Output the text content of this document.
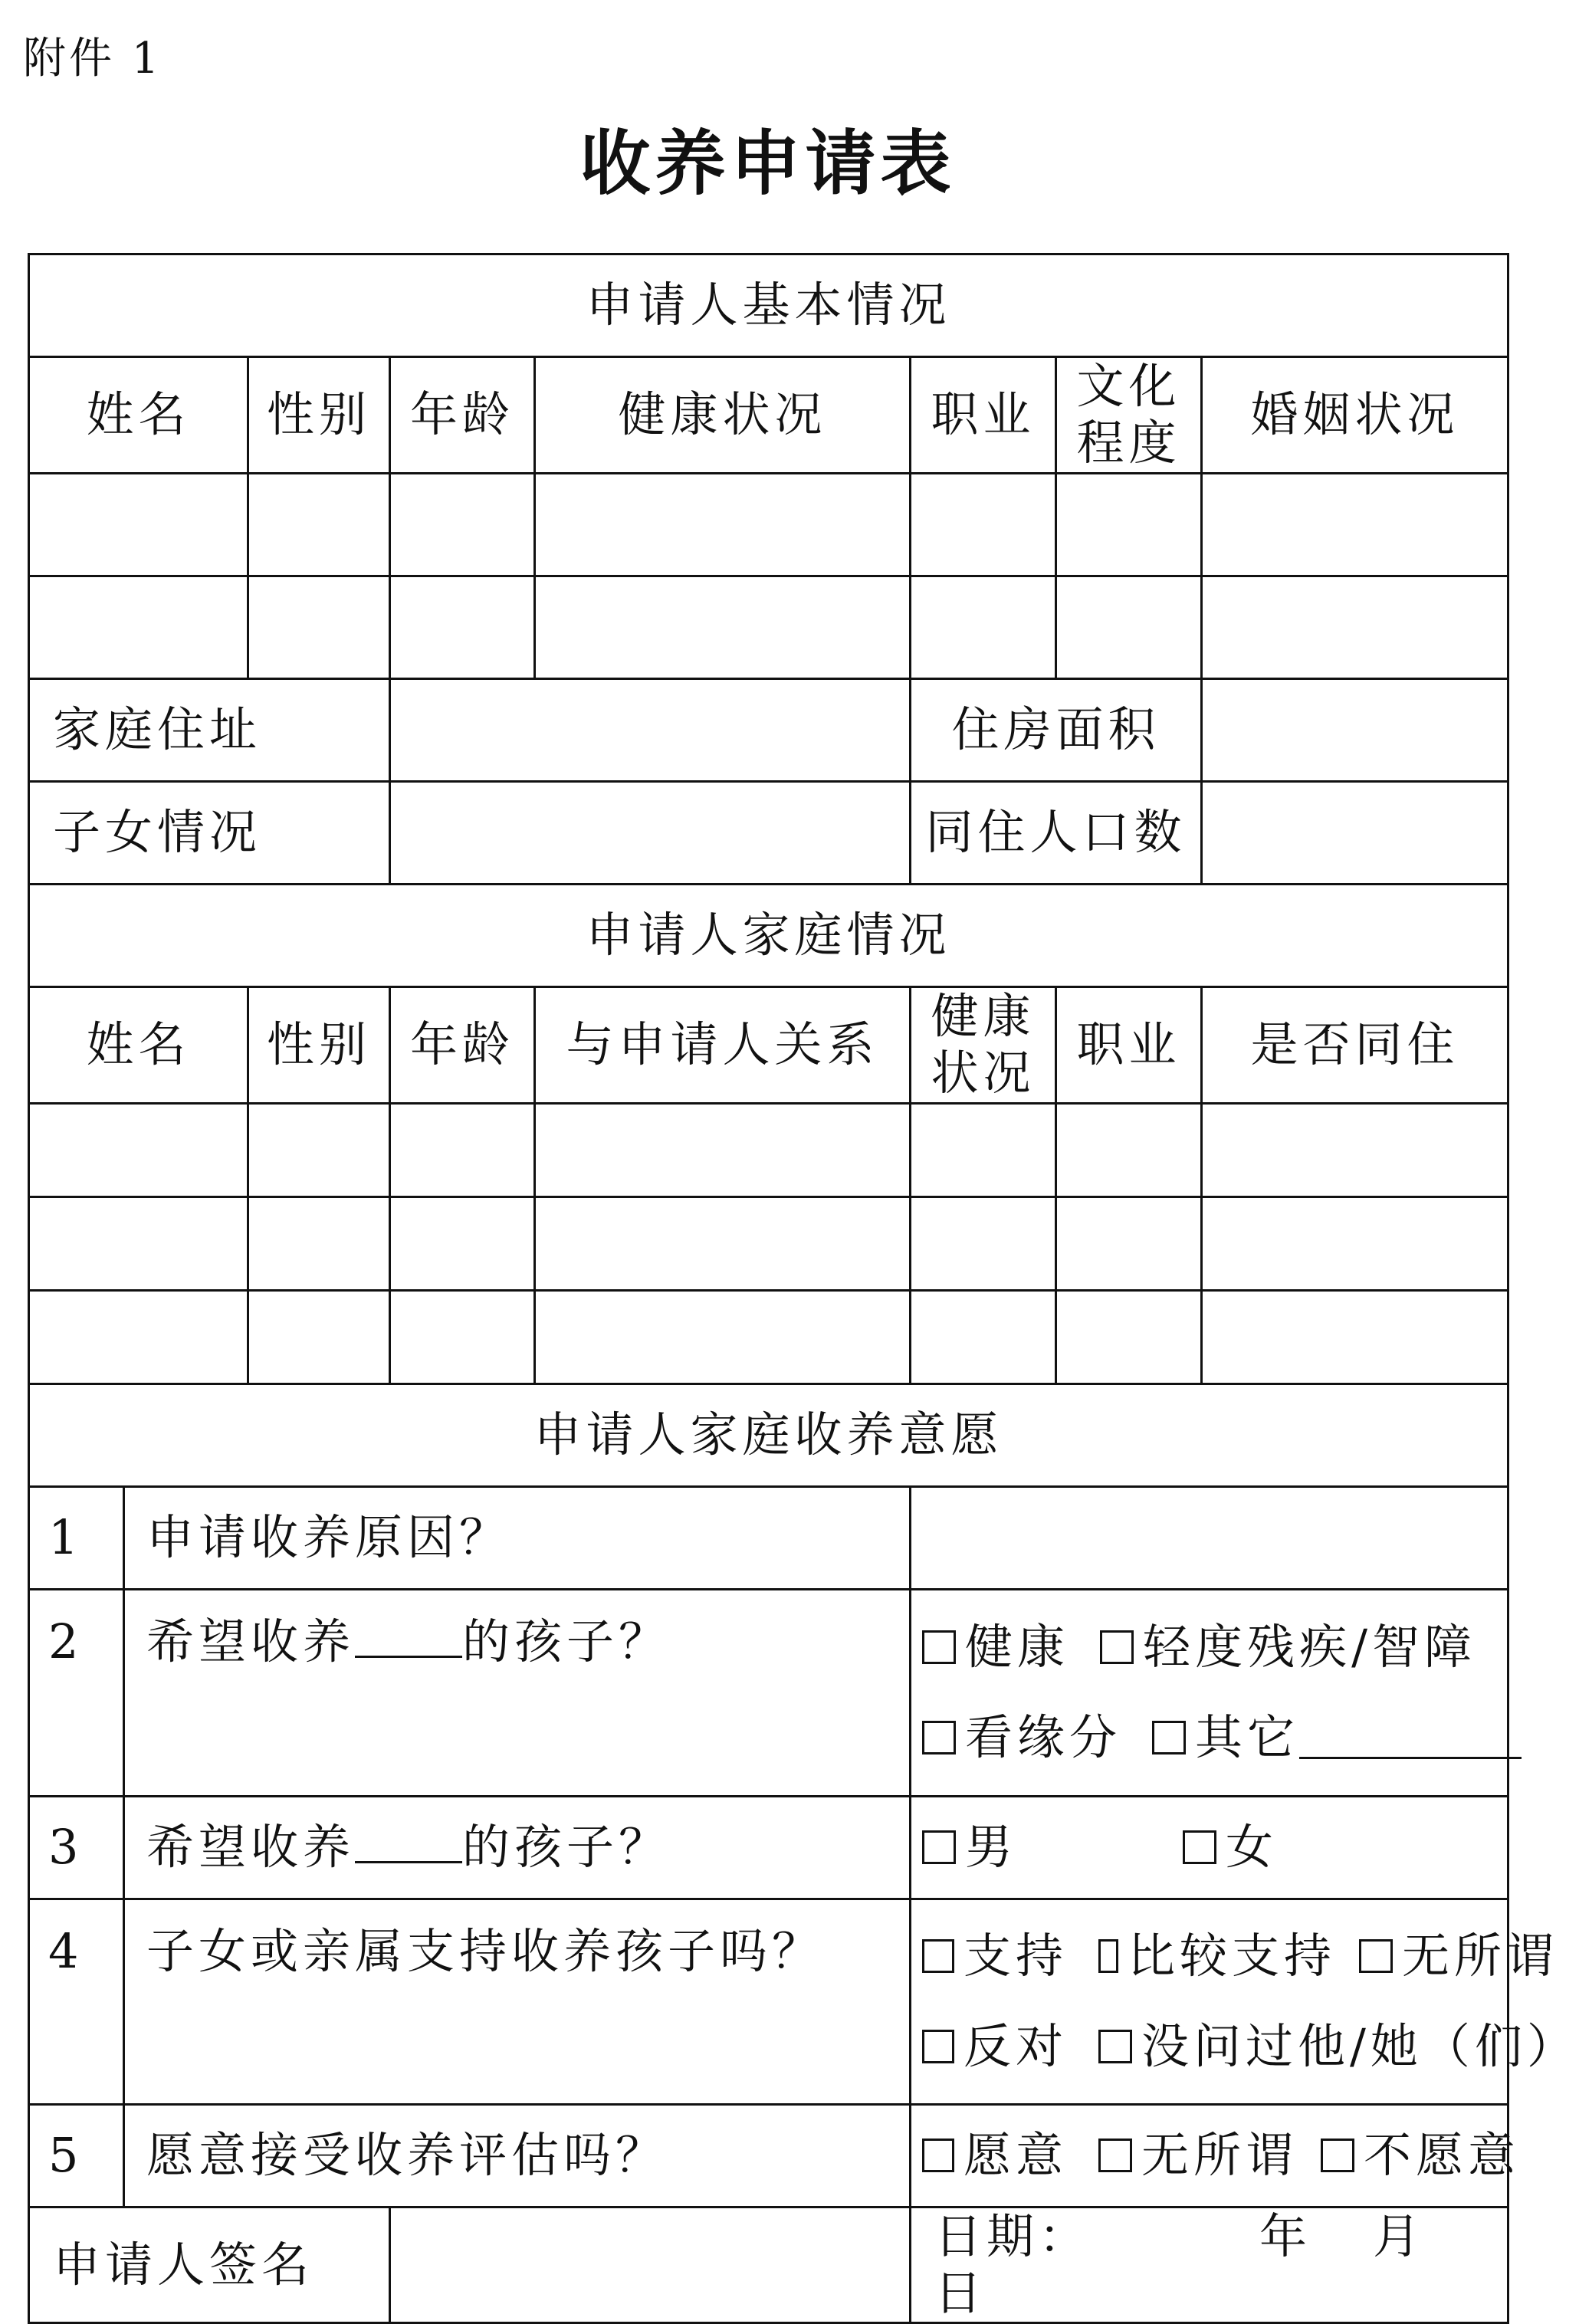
附件 1
收养申请表
申请人基本情况							
姓名		性别	年龄	健康状况	职业	文化程度	婚姻状况

家庭住址					住房面积		
子女情况					同住人口数		
申请人家庭情况							
姓名		性别	年龄	与申请人关系	健康状况	职业	是否同住

申请人家庭收养意愿							
1	申请收养原因？						
2	希望收养 的孩子？				健康 轻度残疾/智障
看缘分 其它		

3	希望收养 的孩子？				男 女		

4	子女或亲属支持收养孩子吗？				支持 比较支持 无所谓
反对 没问过他/她（们）		

5	愿意接受收养评估吗？				愿意 无所谓 不愿意		

申请人签名					日期： 年 月日		
